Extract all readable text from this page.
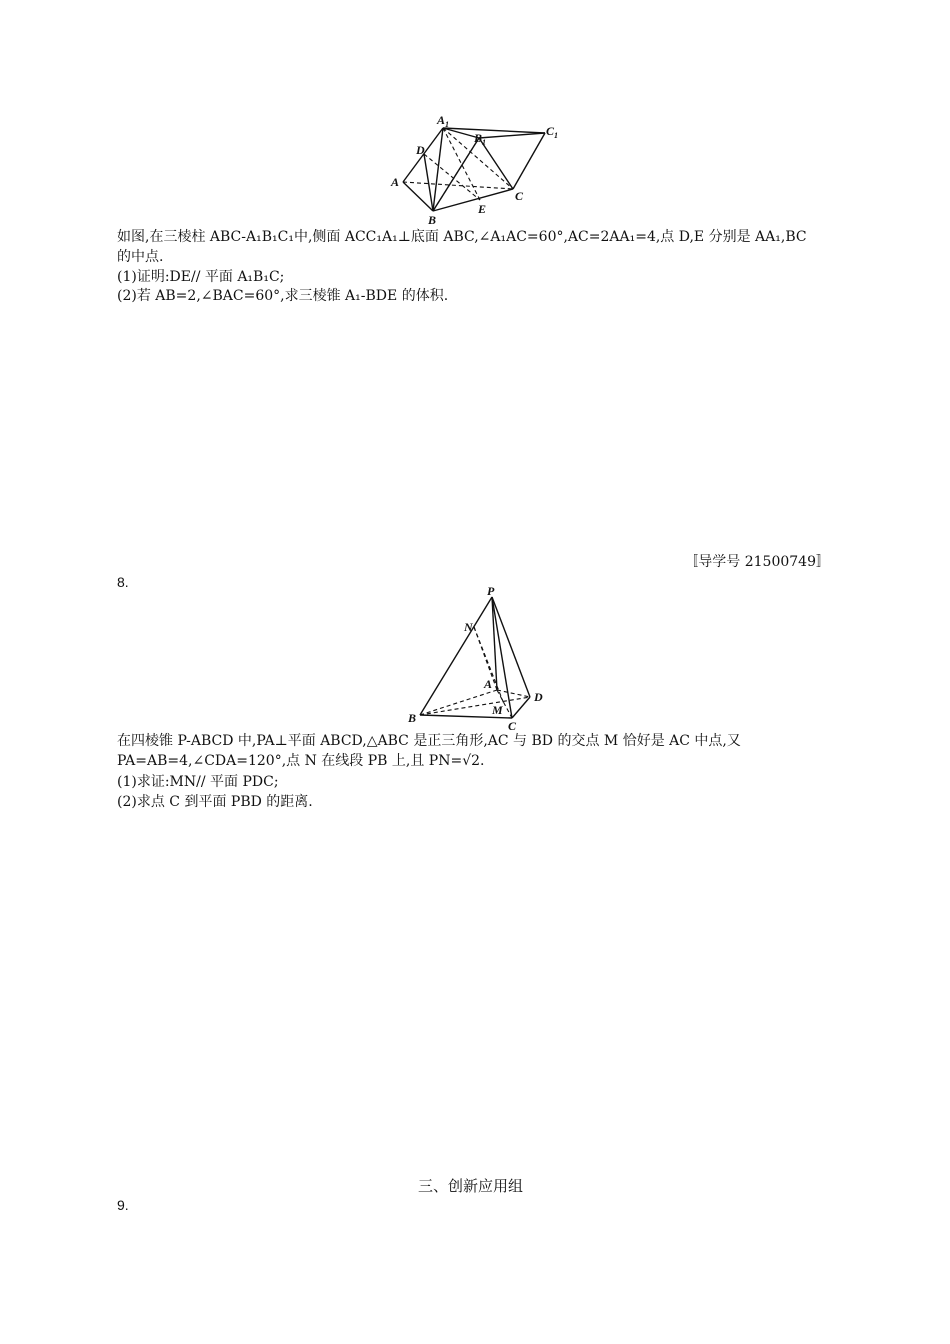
$A_1$
$B_1$
$C_1$
D
A
B
E
C
如图,在三棱柱 ABC-A₁B₁C₁中,侧面 ACC₁A₁⊥底面 ABC,∠A₁AC=60°,AC=2AA₁=4,点 D,E 分别是 AA₁,BC
的中点.
(1)证明:DE// 平面 A₁B₁C;
(2)若 AB=2,∠BAC=60°,求三棱锥 A₁-BDE 的体积.
〚导学号 21500749〛
8.
P
N
A
D
B
M
C
在四棱锥 P-ABCD 中,PA⊥平面 ABCD,△ABC 是正三角形,AC 与 BD 的交点 M 恰好是 AC 中点,又
PA=AB=4,∠CDA=120°,点 N 在线段 PB 上,且 PN=√2.
(1)求证:MN// 平面 PDC;
(2)求点 C 到平面 PBD 的距离.
三、创新应用组
9.
